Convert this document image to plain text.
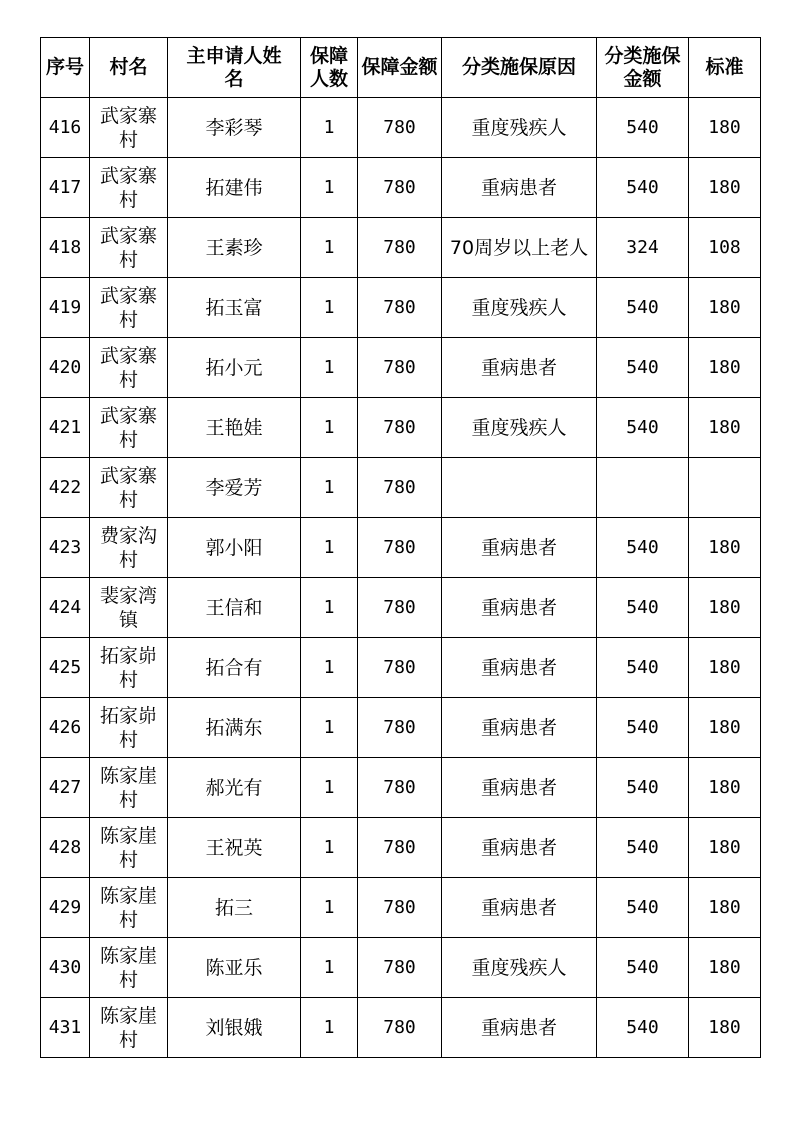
序号	村名	主申请人姓名	保障人数	保障金额	分类施保原因	分类施保金额	标准
416	武家寨村	李彩琴	1	780	重度残疾人	540	180
417	武家寨村	拓建伟	1	780	重病患者	540	180
418	武家寨村	王素珍	1	780	70周岁以上老人	324	108
419	武家寨村	拓玉富	1	780	重度残疾人	540	180
420	武家寨村	拓小元	1	780	重病患者	540	180
421	武家寨村	王艳娃	1	780	重度残疾人	540	180
422	武家寨村	李爱芳	1	780			
423	费家沟村	郭小阳	1	780	重病患者	540	180
424	裴家湾镇	王信和	1	780	重病患者	540	180
425	拓家峁村	拓合有	1	780	重病患者	540	180
426	拓家峁村	拓满东	1	780	重病患者	540	180
427	陈家崖村	郝光有	1	780	重病患者	540	180
428	陈家崖村	王祝英	1	780	重病患者	540	180
429	陈家崖村	拓三	1	780	重病患者	540	180
430	陈家崖村	陈亚乐	1	780	重度残疾人	540	180
431	陈家崖村	刘银娥	1	780	重病患者	540	180
